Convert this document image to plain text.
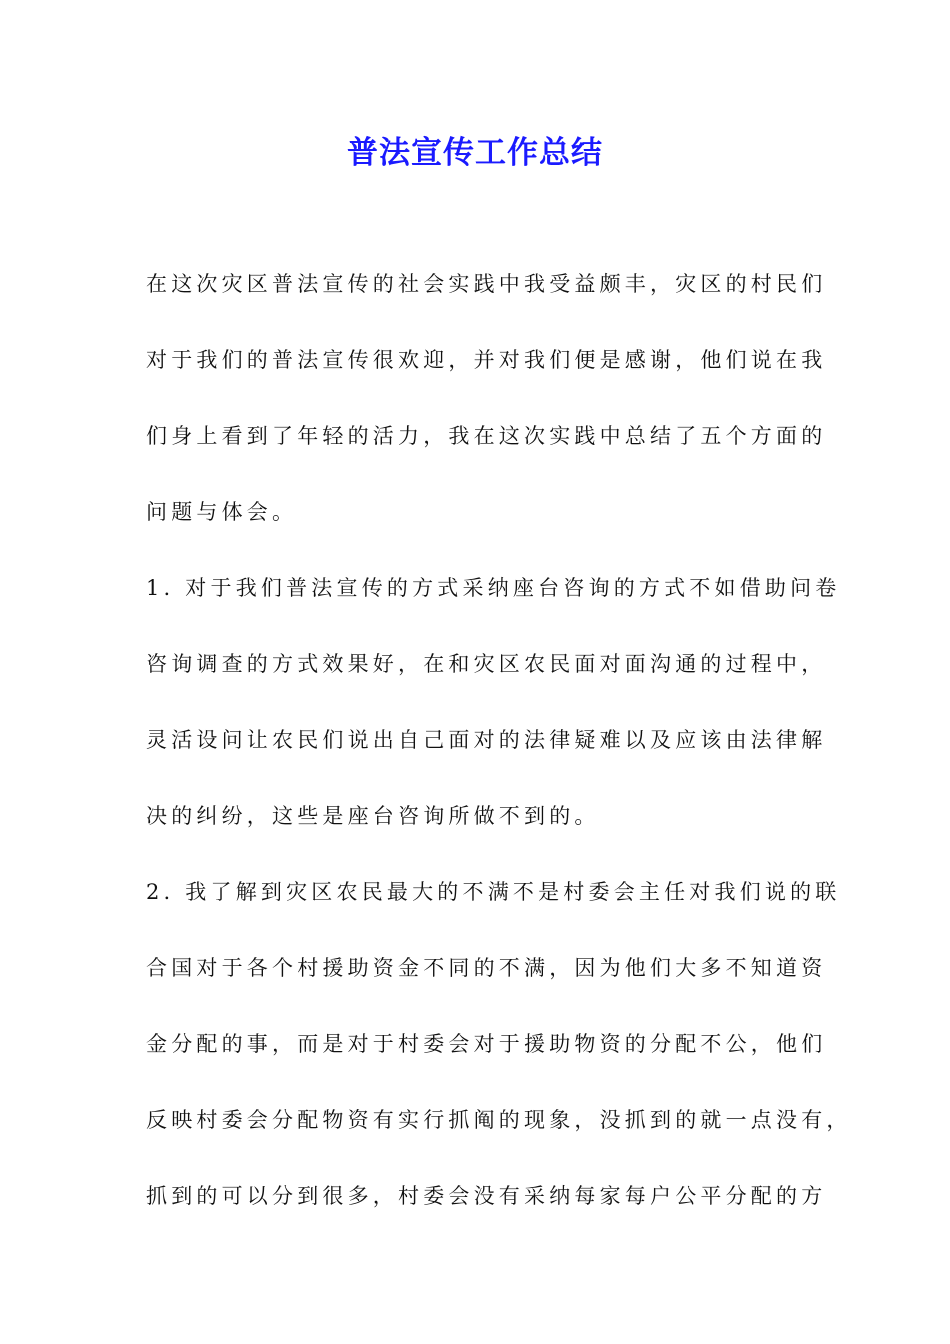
普法宣传工作总结
在这次灾区普法宣传的社会实践中我受益颇丰，灾区的村民们
对于我们的普法宣传很欢迎，并对我们便是感谢，他们说在我
们身上看到了年轻的活力，我在这次实践中总结了五个方面的
问题与体会。
1. 对于我们普法宣传的方式采纳座台咨询的方式不如借助问卷
咨询调查的方式效果好，在和灾区农民面对面沟通的过程中，
灵活设问让农民们说出自己面对的法律疑难以及应该由法律解
决的纠纷，这些是座台咨询所做不到的。
2. 我了解到灾区农民最大的不满不是村委会主任对我们说的联
合国对于各个村援助资金不同的不满，因为他们大多不知道资
金分配的事，而是对于村委会对于援助物资的分配不公，他们
反映村委会分配物资有实行抓阄的现象，没抓到的就一点没有，
抓到的可以分到很多，村委会没有采纳每家每户公平分配的方
